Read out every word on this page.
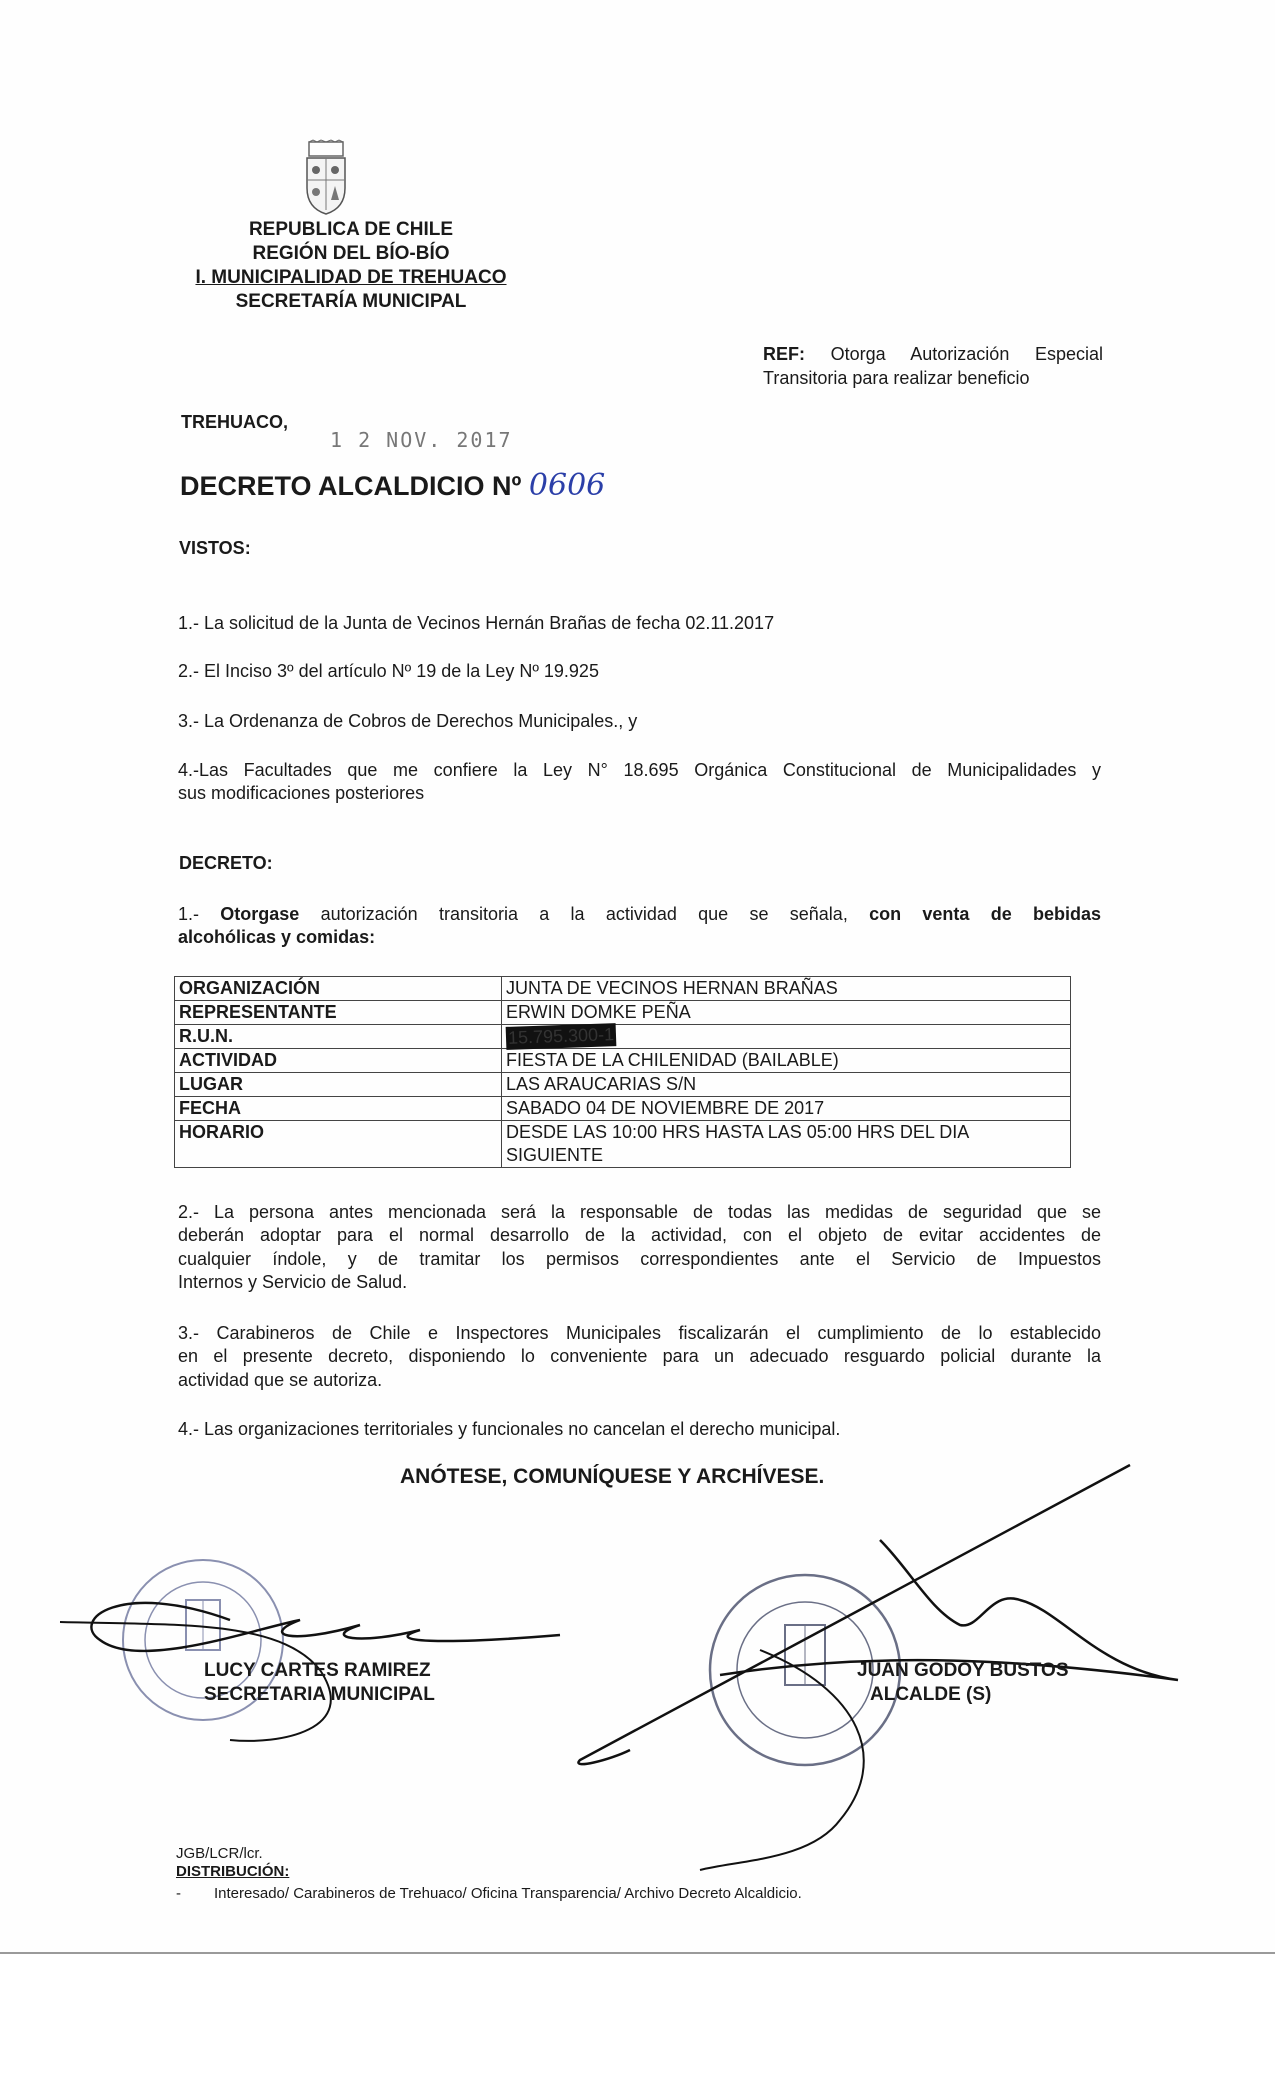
REPUBLICA DE CHILE
REGIÓN DEL BÍO-BÍO
I. MUNICIPALIDAD DE TREHUACO
SECRETARÍA MUNICIPAL
REF: Otorga Autorización Especial
Transitoria para realizar beneficio
TREHUACO,
1 2 NOV. 2017
DECRETO ALCALDICIO Nº 0606
VISTOS:
1.- La solicitud de la Junta de Vecinos Hernán Brañas de fecha 02.11.2017
2.- El Inciso 3º del artículo Nº 19 de la Ley Nº 19.925
3.- La Ordenanza de Cobros de Derechos Municipales., y
4.-Las Facultades que me confiere la Ley N° 18.695 Orgánica Constitucional de Municipalidades y
sus modificaciones posteriores
DECRETO:
1.- Otorgase autorización transitoria a la actividad que se señala, con venta de bebidas
alcohólicas y comidas:
ORGANIZACIÓN	JUNTA DE VECINOS HERNAN BRAÑAS
REPRESENTANTE	ERWIN DOMKE PEÑA
R.U.N.	15.795.300-1
ACTIVIDAD	FIESTA DE LA CHILENIDAD (BAILABLE)
LUGAR	LAS ARAUCARIAS S/N
FECHA	SABADO 04 DE NOVIEMBRE DE 2017
HORARIO	DESDE LAS 10:00 HRS HASTA LAS 05:00 HRS DEL DIA
SIGUIENTE
2.- La persona antes mencionada será la responsable de todas las medidas de seguridad que se
deberán adoptar para el normal desarrollo de la actividad, con el objeto de evitar accidentes de
cualquier índole, y de tramitar los permisos correspondientes ante el Servicio de Impuestos
Internos y Servicio de Salud.
3.- Carabineros de Chile e Inspectores Municipales fiscalizarán el cumplimiento de lo establecido
en el presente decreto, disponiendo lo conveniente para un adecuado resguardo policial durante la
actividad que se autoriza.
4.- Las organizaciones territoriales y funcionales no cancelan el derecho municipal.
ANÓTESE, COMUNÍQUESE Y ARCHÍVESE.
LUCY CARTES RAMIREZ
SECRETARIA MUNICIPAL
JUAN GODOY BUSTOS
ALCALDE (S)
JGB/LCR/lcr.
DISTRIBUCIÓN:
- Interesado/ Carabineros de Trehuaco/ Oficina Transparencia/ Archivo Decreto Alcaldicio.
